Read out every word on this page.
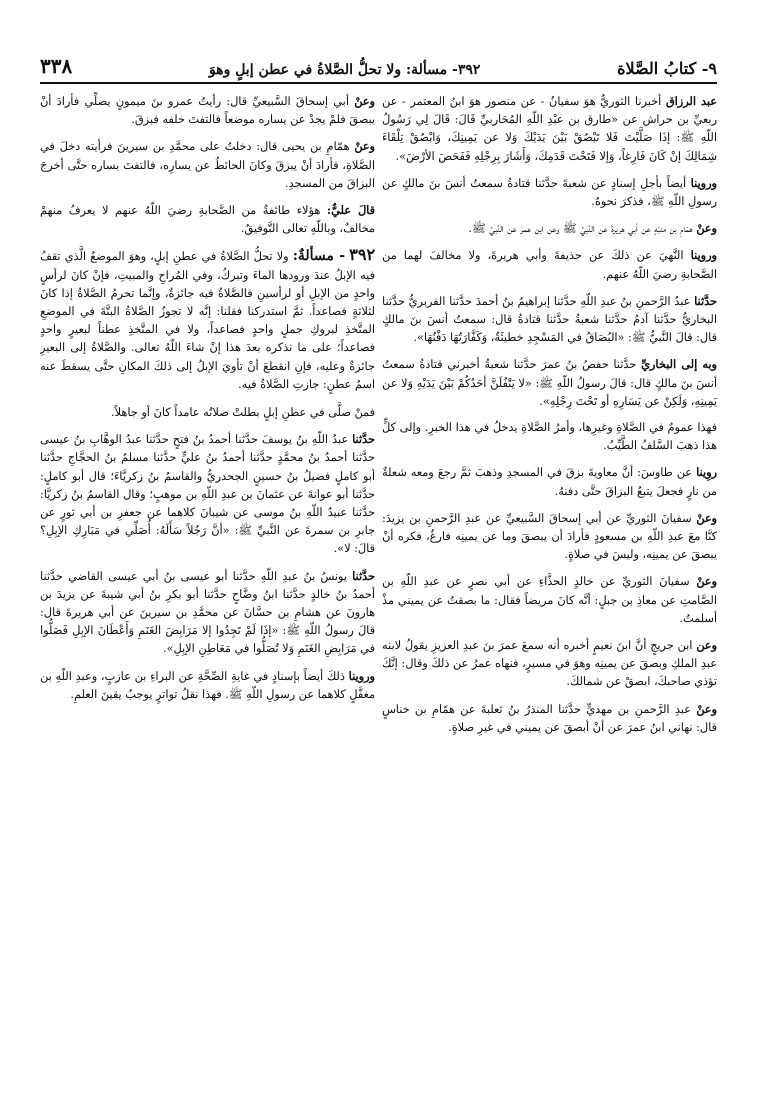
٩- كتابُ الصَّلاة
٣٩٢- مسألة: ولا تحلُّ الصَّلاةُ في عطن إبلٍ وهوَ
٣٣٨

عبد الرزاق أخبرنا الثوريُّ هوَ سفيانُ - عن منصور هوَ ابنُ المعتمر - عن ربعيِّ بن حراش عن «طارق بن عبْدِ اللّهِ المُحَاربيِّ قَالَ: قَالَ لِي رَسُولُ اللّهِ ﷺ: إذَا صَلَّيْتَ فَلا تَبْصُقْ بَيْنَ يَدَيْكَ وَلا عن يَمِينِكَ، وَابْصُقْ تِلْقَاءَ شِمَالِكَ إنْ كَانَ فَارِغاً، وَإلا فَتَحْتَ قَدَمِكَ، وَأَشَارَ بِرِجْلِهِ فَفَحَصَ الأرْضَ».

وروينا أيضاً بأجلِ إسنادٍ عن شعبةَ حدَّثنا قتادةُ سمعتُ أنسَ بنَ مالكٍ عن رسولِ اللّهِ ﷺ، فذكرَ نحوهُ.

وعنْ همّامِ بن منبّهٍ عن أبي هريرةَ عن النَّبيِّ ﷺ وعن ابن عمرَ عن النَّبيِّ ﷺ.

وروينا النَّهيَ عن ذلكَ عن حذيفةَ وأبي هريرةَ، ولا مخالفَ لهما من الصَّحابةِ رضيَ اللّهُ عنهم.

حدَّثنا عبدُ الرَّحمنِ بنُ عبدِ اللّهِ حدَّثنا إبراهيمُ بنُ أحمدَ حدَّثنا الفربريُّ حدَّثنا البخاريُّ حدَّثنا آدمُ حدَّثنا شعبةُ حدَّثنا قتادةُ قال: سمعتُ أنسَ بنَ مالكٍ قال: قالَ النَّبيُّ ﷺ: «البُصَاقُ في المَسْجِدِ خطيئَةٌ، وَكَفَّارَتُهَا دَفْنُهَا».

وبه إلى البخاريِّ حدَّثنا حفصُ بنُ عمرَ حدَّثنا شعبةُ أخبرني قتادةُ سمعتُ أنسَ بنَ مالكٍ قال: قالَ رسولُ اللّهِ ﷺ: «لا يَتْفُلَنَّ أحَدُكُمْ بَيْنَ يَدَيْهِ وَلا عن يَمِينِهِ، وَلَكِنْ عن يَسَارِهِ أو تَحْتَ رِجْلِهِ».

فهذا عمومٌ في الصَّلاةِ وغيرِها، وأمرُ الصَّلاةِ يدخلُ في هذا الخبرِ. وإلى كلٍّ هذا ذهبَ السَّلفُ الطَّيِّبُ.

روِينا عن طاوسَ: أنَّ معاويةَ بزقَ في المسجدِ وذهبَ ثمَّ رجعَ ومعه شعلةٌ من نارٍ فجعلَ يتبعُ البزاقَ حتَّى دفنهُ.

وعنْ سفيانَ الثوريِّ عن أبي إسحاقَ السَّبيعيِّ عن عبدِ الرَّحمنِ بن يزيدَ: كنَّا معَ عبدِ اللّهِ بن مسعودٍ فأرادَ أن يبصقَ وما عن يمينِه فارغٌ، فكره أنْ يبصقَ عن يمينِه، وليسَ في صلاةٍ.

وعنْ سفيانَ الثوريِّ عن خالدٍ الحذَّاءِ عن أبي نصرٍ عن عبدِ اللّهِ بن الصَّامتِ عن معاذِ بن جبلٍ: أنَّه كانَ مريضاً فقال: ما بصقتُ عن يميني مذْ أسلمتُ.

وعن ابن جريجٍ أنَّ ابنَ نعيمٍ أخبره أنه سمعَ عمرَ بنَ عبدِ العزيزِ يقولُ لابنه عبدِ الملكِ وبصقَ عن يمينِه وهوَ في مسيرٍ، فنهاه عمرُ عن ذلكَ وقال: إنَّكَ تؤذي صاحبكَ، ابصقْ عن شمالكَ.

وعنْ عبدِ الرَّحمنِ بن مهديٍّ حدَّثنا المنذرُ بنُ ثعلبةَ عن همّامِ بن خناسٍ قال: نهاني ابنُ عمرَ عن أنْ أبصقَ عن يميني في غيرِ صلاةٍ.

وعنْ أبي إسحاقَ السَّبيعيِّ قال: رأيتُ عمرو بنَ ميمونٍ يصلِّي فأرادَ أنْ يبصقَ فلمْ يجدْ عن يساره موضعاً فالتفتَ خلفه فبزقَ.

وعنْ همّامِ بن يحيى قال: دخلتُ على محمَّدِ بن سيرينَ فرأيته دخلَ في الصَّلاةِ، فأرادَ أنْ يبزقَ وكانَ الحائطُ عن يسارِه، فالتفتَ بساره حتَّى أخرجَ البزاقَ من المسجدِ.

قالَ عليٌّ: هؤلاء طائفةٌ من الصَّحابةِ رضيَ اللّهُ عنهم لا يعرفُ منهمْ مخالفٌ، وباللّهِ تعالى التَّوفيقُ.

٣٩٢ - مسألةٌ: ولا تحلُّ الصَّلاةُ في عطنِ إبلٍ، وهوَ الموضعُ الَّذي تقفُ فيه الإبلُ عندَ ورودها الماءَ وتبركُ، وفي المُراحِ والمبيتِ، فإنْ كانَ لرأسٍ واحدٍ من الإبلِ أو لرأسينِ فالصَّلاةُ فيه جائزةٌ، وإنَّما تحرمُ الصَّلاةُ إذا كانَ لثلاثةٍ فصاعداً. ثمَّ استدركنا فقلنا: إنَّه لا تجوزُ الصَّلاةُ البتَّةَ في الموضعِ المتَّخذِ لبروكِ جملٍ واحدٍ فصاعداً، ولا في المتَّخذِ عطناً لبعيرٍ واحدٍ فصاعداً؛ على ما نذكره بعدَ هذا إنْ شاءَ اللّهُ تعالى. والصَّلاةُ إلى البعيرِ جائزةٌ وعليه، فإنِ انقطعَ أنْ تأويَ الإبلُ إلى ذلكَ المكانِ حتَّى يسقطَ عنه اسمُ عطنٍ: جازتِ الصَّلاةُ فيه.

فمنْ صلَّى في عطنِ إبلٍ بطلتْ صلاتُه عامداً كانَ أو جاهلاً.

حدَّثنا عبدُ اللّهِ بنُ يوسفَ حدَّثنا أحمدُ بنُ فتحٍ حدَّثنا عبدُ الوهَّابِ بنُ عيسى حدَّثنا أحمدُ بنُ محمَّدٍ حدَّثنا أحمدُ بنُ عليٍّ حدَّثنا مسلمُ بنُ الحجَّاجِ حدَّثنا أبو كاملٍ فضيلُ بنُ حسينٍ الجحدريُّ والقاسمُ بنُ زكريَّاءَ؛ قال أبو كاملٍ: حدَّثنا أبو عوانةَ عن عثمانَ بن عبدِ اللّهِ بن موهبٍ؛ وقال القاسمُ بنُ زكريَّا: حدَّثنا عبيدُ اللّهِ بنُ موسى عن شيبانَ كلاهما عن جعفرِ بن أبي ثورٍ عن جابرِ بن سمرةَ عن النَّبيِّ ﷺ: «أنَّ رَجُلاً سَأَلَهُ: أُصَلِّي في مَبَارِكِ الإبِلِ؟ قالَ: لا».

حدَّثنا يونسُ بنُ عبدِ اللّهِ حدَّثنا أبو عيسى بنُ أبي عيسى القاضي حدَّثنا أحمدُ بنُ خالدٍ حدَّثنا ابنُ وضَّاحٍ حدَّثنا أبو بكرِ بنُ أبي شيبةَ عن يزيدَ بن هارونَ عن هشامِ بن حسَّانَ عن محمَّدِ بن سيرينَ عن أبي هريرةَ قال: قالَ رسولُ اللّهِ ﷺ: «إذَا لَمْ تَجِدُوا إلا مَرَابِضَ الغَنَمِ وَأَعْطَانَ الإبِلِ فَصَلُّوا في مَرَابِضِ الغَنَمِ وَلا تُصَلُّوا في مَعَاطِنِ الإبِلِ».

وروينا ذلكَ أيضاً بإسنادٍ في غايةِ الصِّحَّةِ عن البراءِ بن عازبٍ، وعبدِ اللّهِ بن مغفَّلٍ كلاهما عن رسولِ اللّهِ ﷺ. فهذا نقلُ تواترٍ يوجبُ يقينَ العلمِ.
